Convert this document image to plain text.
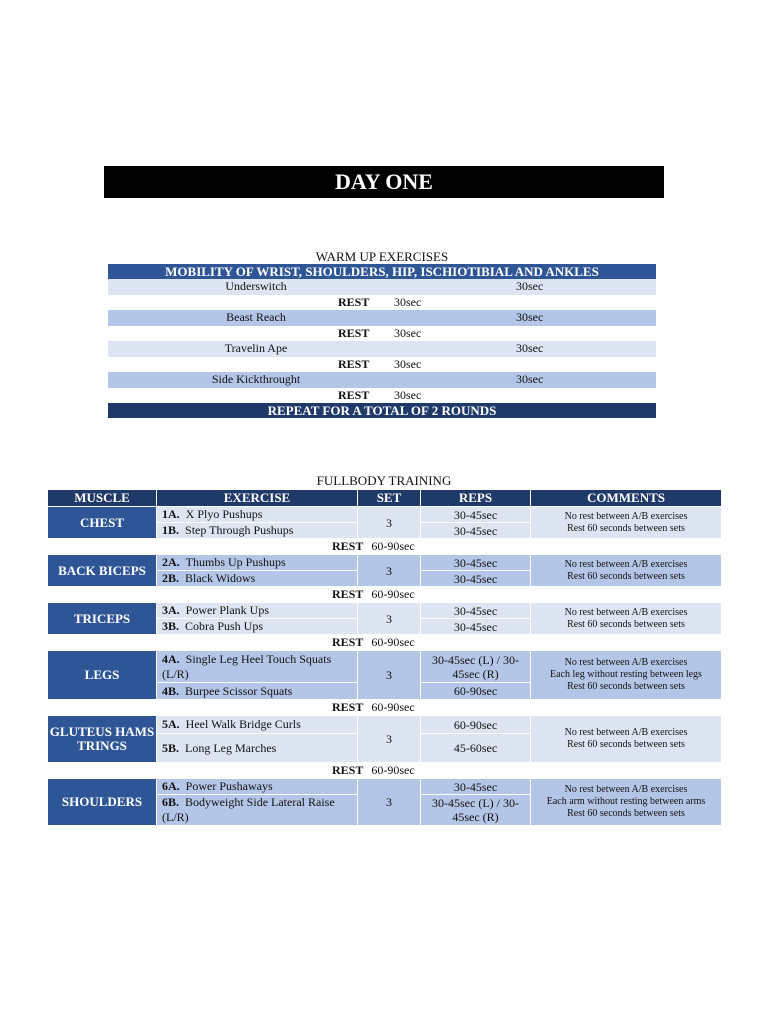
DAY ONE
WARM UP EXERCISES
MOBILITY OF WRIST, SHOULDERS, HIP, ISCHIOTIBIAL AND ANKLES
Underswitch	30sec
REST 30sec
Beast Reach	30sec
REST 30sec
Travelin Ape	30sec
REST 30sec
Side Kickthrought	30sec
REST 30sec
REPEAT FOR A TOTAL OF 2 ROUNDS
FULLBODY TRAINING
MUSCLE	EXERCISE	SET	REPS	COMMENTS
CHEST	1A. X Plyo Pushups	3	30-45sec	No rest between A/B exercises
Rest 60 seconds between sets

	1B. Step Through Pushups		30-45sec	
REST 60-90sec				
BACK BICEPS	2A. Thumbs Up Pushups	3	30-45sec	No rest between A/B exercises
Rest 60 seconds between sets

	2B. Black Widows		30-45sec	
REST 60-90sec				
TRICEPS	3A. Power Plank Ups	3	30-45sec	No rest between A/B exercises
Rest 60 seconds between sets

	3B. Cobra Push Ups		30-45sec	
REST 60-90sec				
LEGS	4A. Single Leg Heel Touch Squats (L/R)	3	30-45sec (L) / 30-45sec (R)	No rest between A/B exercises
Each leg without resting between legs
Rest 60 seconds between sets

	4B. Burpee Scissor Squats		60-90sec	
REST 60-90sec				
GLUTEUS HAMSTRINGS	5A. Heel Walk Bridge Curls	3	60-90sec	No rest between A/B exercises
Rest 60 seconds between sets

	5B. Long Leg Marches		45-60sec	
REST 60-90sec				
SHOULDERS	6A. Power Pushaways	3	30-45sec	No rest between A/B exercises
Each arm without resting between arms
Rest 60 seconds between sets

	6B. Bodyweight Side Lateral Raise (L/R)		30-45sec (L) / 30-45sec (R)	
